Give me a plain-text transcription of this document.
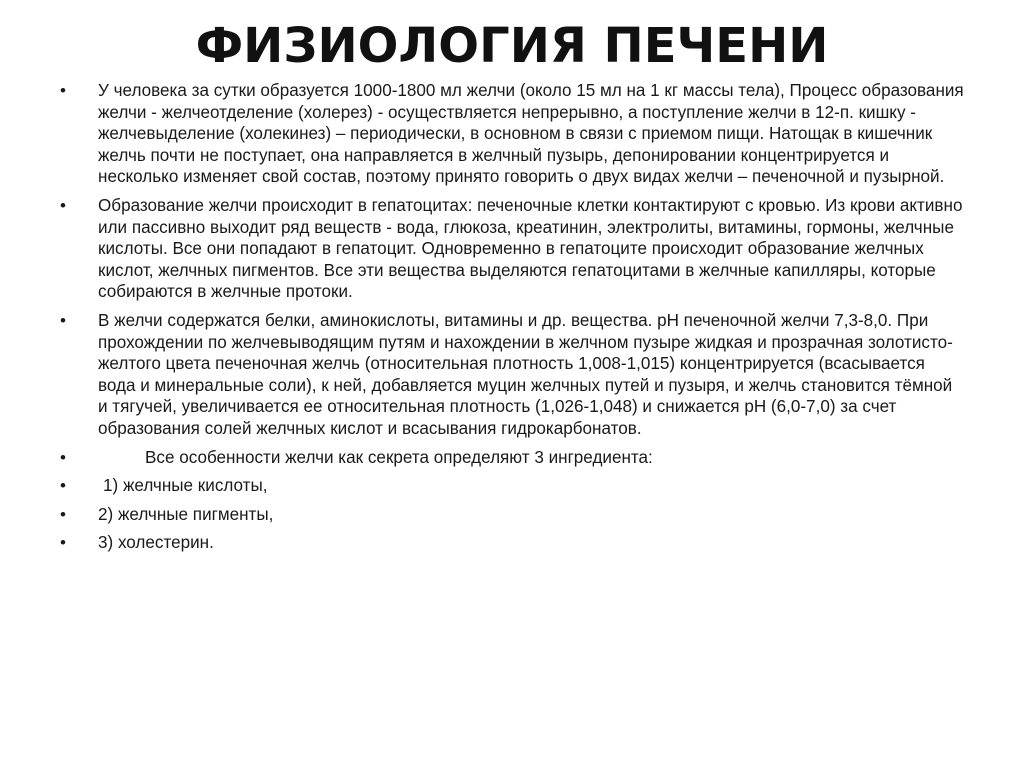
ФИЗИОЛОГИЯ ПЕЧЕНИ
•	У человека за сутки образуется 1000-1800 мл желчи (около 15 мл на 1 кг массы тела), Процесс образования желчи - желчеотделение (холерез) - осуществляется непрерывно, а поступление желчи в 12-п. кишку - желчевыделение (холекинез) – периодически, в основном в связи с приемом пищи. Натощак в кишечник желчь почти не поступает, она направляется в желчный пузырь, депонировании концентрируется и несколько изменяет свой состав, поэтому принято говорить о двух видах желчи – печеночной и пузырной.
•	Образование желчи происходит в гепатоцитах: печеночные клетки контактируют с кровью. Из крови активно или пассивно выходит ряд веществ - вода, глюкоза, креатинин, электролиты, витамины, гормоны, желчные кислоты. Все они попадают в гепатоцит. Одновременно в гепатоците происходит образование желчных кислот, желчных пигментов. Все эти вещества выделяются гепатоцитами в желчные капилляры, которые собираются в желчные протоки.
•	В желчи содержатся белки, аминокислоты, витамины и др. вещества. pH печеночной желчи 7,3-8,0. При прохождении по желчевыводящим путям и нахождении в желчном пузыре жидкая и прозрачная золотисто-желтого цвета печеночная желчь (относительная плотность 1,008-1,015) концентрируется (всасывается вода и минеральные соли), к ней, добавляется муцин желчных путей и пузыря, и желчь становится тёмной и тягучей, увеличивается ее относительная плотность (1,026-1,048) и снижается pH (6,0-7,0) за счет образования солей желчных кислот и всасывания гидрокарбонатов.
•	Все особенности желчи как секрета определяют 3 ингредиента:
•	1) желчные кислоты,
•	2) желчные пигменты,
•	3) холестерин.
